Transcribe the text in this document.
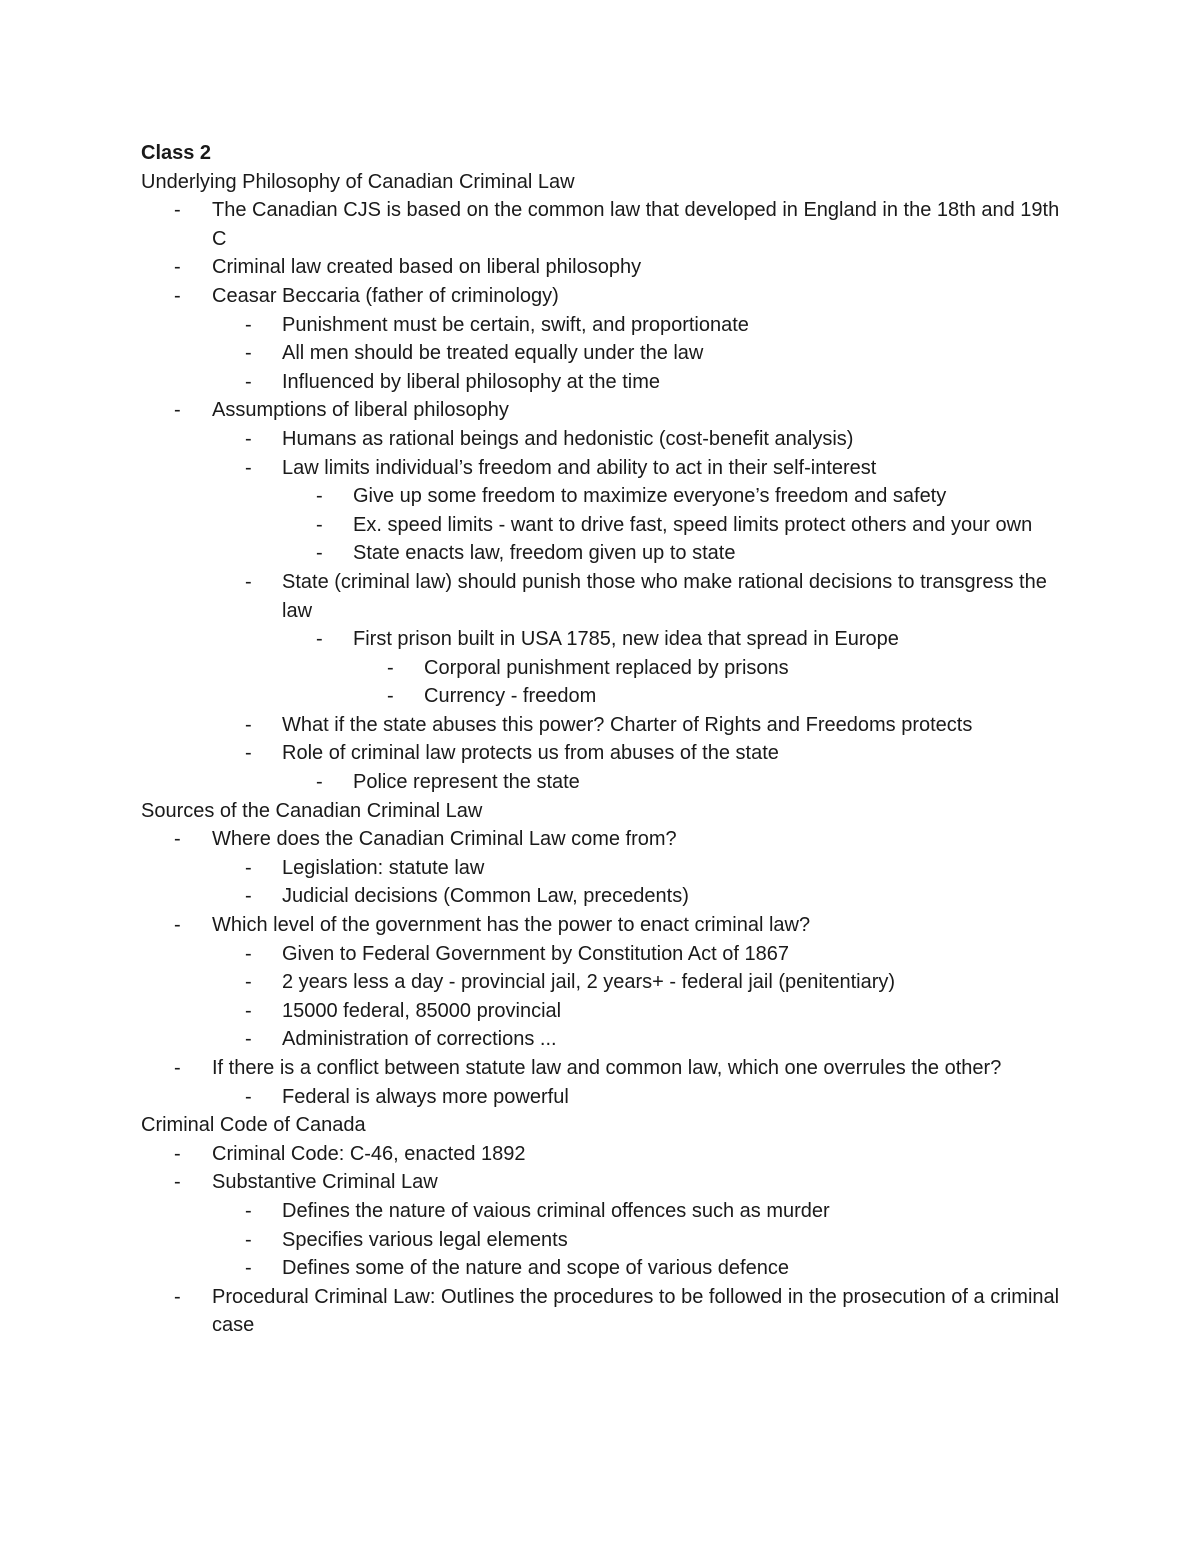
Class 2

Underlying Philosophy of Canadian Criminal Law

- The Canadian CJS is based on the common law that developed in England in the 18th and 19th C
- Criminal law created based on liberal philosophy
- Ceasar Beccaria (father of criminology)
- Punishment must be certain, swift, and proportionate
- All men should be treated equally under the law
- Influenced by liberal philosophy at the time
- Assumptions of liberal philosophy
- Humans as rational beings and hedonistic (cost-benefit analysis)
- Law limits individual’s freedom and ability to act in their self-interest
- Give up some freedom to maximize everyone’s freedom and safety
- Ex. speed limits - want to drive fast, speed limits protect others and your own
- State enacts law, freedom given up to state
- State (criminal law) should punish those who make rational decisions to transgress the law
- First prison built in USA 1785, new idea that spread in Europe
- Corporal punishment replaced by prisons
- Currency - freedom
- What if the state abuses this power? Charter of Rights and Freedoms protects
- Role of criminal law protects us from abuses of the state
- Police represent the state

Sources of the Canadian Criminal Law

- Where does the Canadian Criminal Law come from?
- Legislation: statute law
- Judicial decisions (Common Law, precedents)
- Which level of the government has the power to enact criminal law?
- Given to Federal Government by Constitution Act of 1867
- 2 years less a day - provincial jail, 2 years+ - federal jail (penitentiary)
- 15000 federal, 85000 provincial
- Administration of corrections ...
- If there is a conflict between statute law and common law, which one overrules the other?
- Federal is always more powerful

Criminal Code of Canada

- Criminal Code: C-46, enacted 1892
- Substantive Criminal Law
- Defines the nature of vaious criminal offences such as murder
- Specifies various legal elements
- Defines some of the nature and scope of various defence
- Procedural Criminal Law: Outlines the procedures to be followed in the prosecution of a criminal case
